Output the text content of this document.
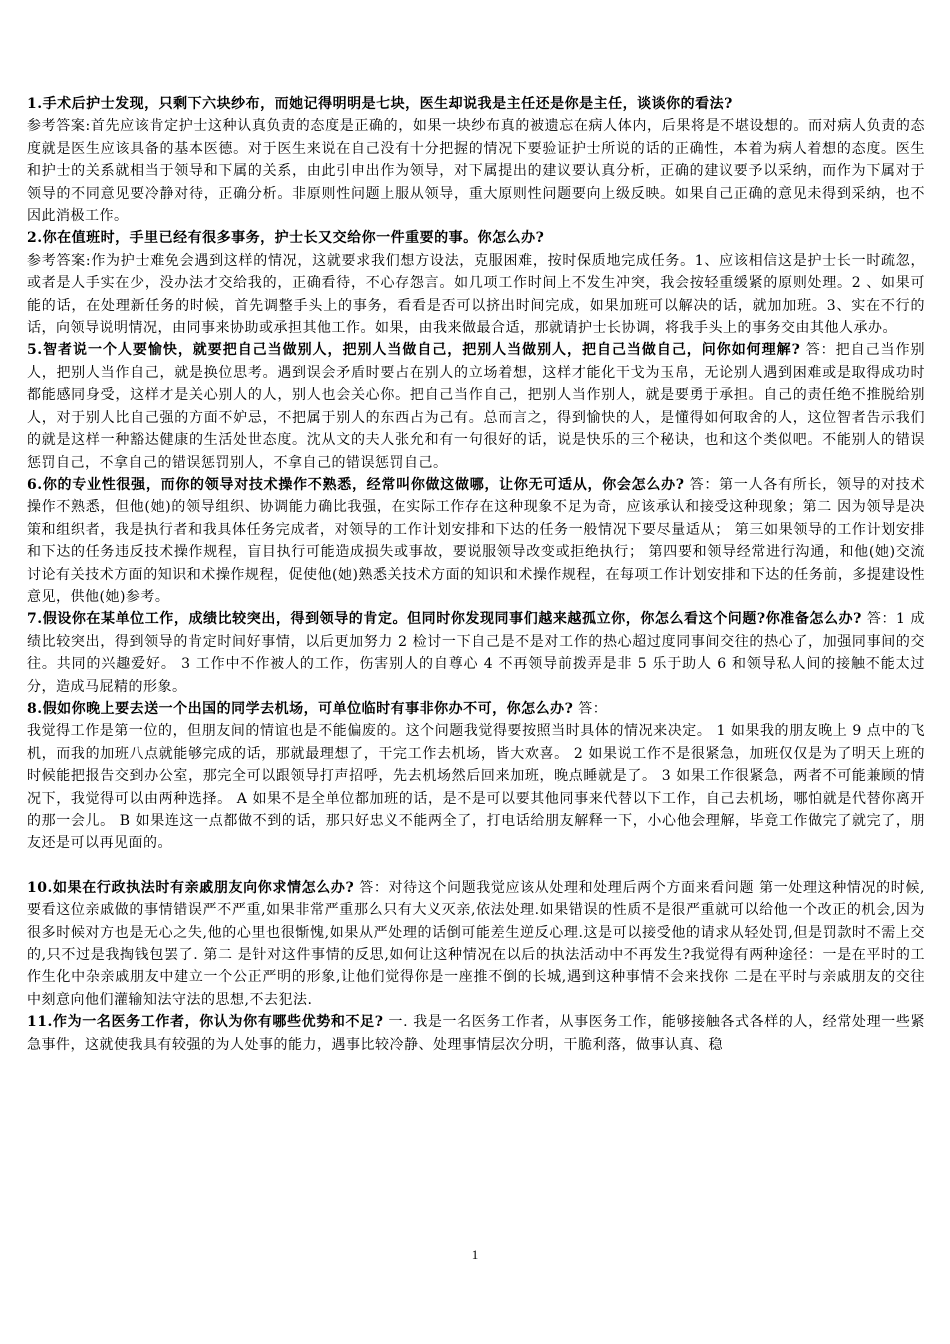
1.手术后护士发现，只剩下六块纱布，而她记得明明是七块，医生却说我是主任还是你是主任，谈谈你的看法?
参考答案:首先应该肯定护士这种认真负责的态度是正确的，如果一块纱布真的被遗忘在病人体内，后果将是不堪设想的。而对病人负责的态度就是医生应该具备的基本医德。对于医生来说在自己没有十分把握的情况下要验证护士所说的话的正确性，本着为病人着想的态度。医生和护士的关系就相当于领导和下属的关系，由此引申出作为领导，对下属提出的建议要认真分析，正确的建议要予以采纳，而作为下属对于领导的不同意见要冷静对待，正确分析。非原则性问题上服从领导，重大原则性问题要向上级反映。如果自己正确的意见未得到采纳，也不因此消极工作。

2.你在值班时，手里已经有很多事务，护士长又交给你一件重要的事。你怎么办?
参考答案:作为护士难免会遇到这样的情况，这就要求我们想方设法，克服困难，按时保质地完成任务。1、应该相信这是护士长一时疏忽，或者是人手实在少，没办法才交给我的，正确看待，不心存怨言。如几项工作时间上不发生冲突，我会按轻重缓紧的原则处理。2 、如果可能的话，在处理新任务的时候，首先调整手头上的事务，看看是否可以挤出时间完成，如果加班可以解决的话，就加加班。3、实在不行的话，向领导说明情况，由同事来协助或承担其他工作。如果，由我来做最合适，那就请护士长协调，将我手头上的事务交由其他人承办。

5.智者说一个人要愉快，就要把自己当做别人，把别人当做自己，把别人当做别人，把自己当做自己，问你如何理解? 答：把自己当作别人，把别人当作自己，就是换位思考。遇到误会矛盾时要占在别人的立场着想，这样才能化干戈为玉帛，无论别人遇到困难或是取得成功时都能感同身受，这样才是关心别人的人，别人也会关心你。把自己当作自己，把别人当作别人，就是要勇于承担。自己的责任绝不推脱给别人，对于别人比自己强的方面不妒忌，不把属于别人的东西占为己有。总而言之，得到愉快的人，是懂得如何取舍的人，这位智者告示我们的就是这样一种豁达健康的生活处世态度。沈从文的夫人张允和有一句很好的话，说是快乐的三个秘诀，也和这个类似吧。不能别人的错误惩罚自己，不拿自己的错误惩罚别人，不拿自己的错误惩罚自己。

6.你的专业性很强，而你的领导对技术操作不熟悉，经常叫你做这做哪，让你无可适从，你会怎么办? 答：第一人各有所长，领导的对技术操作不熟悉，但他(她)的领导组织、协调能力确比我强，在实际工作存在这种现象不足为奇，应该承认和接受这种现象；第二 因为领导是决策和组织者，我是执行者和我具体任务完成者，对领导的工作计划安排和下达的任务一般情况下要尽量适从； 第三如果领导的工作计划安排和下达的任务违反技术操作规程，盲目执行可能造成损失或事故，要说服领导改变或拒绝执行； 第四要和领导经常进行沟通，和他(她)交流讨论有关技术方面的知识和术操作规程，促使他(她)熟悉关技术方面的知识和术操作规程，在每项工作计划安排和下达的任务前，多提建设性意见，供他(她)参考。

7.假设你在某单位工作，成绩比较突出，得到领导的肯定。但同时你发现同事们越来越孤立你，你怎么看这个问题?你准备怎么办? 答：1 成绩比较突出，得到领导的肯定时间好事情，以后更加努力 2 检讨一下自己是不是对工作的热心超过度同事间交往的热心了，加强同事间的交往。共同的兴趣爱好。 3 工作中不作被人的工作，伤害别人的自尊心 4 不再领导前拨弄是非 5 乐于助人 6 和领导私人间的接触不能太过分，造成马屁精的形象。

8.假如你晚上要去送一个出国的同学去机场，可单位临时有事非你办不可，你怎么办? 答：
我觉得工作是第一位的，但朋友间的情谊也是不能偏废的。这个问题我觉得要按照当时具体的情况来决定。 1 如果我的朋友晚上 9 点中的飞机，而我的加班八点就能够完成的话，那就最理想了，干完工作去机场，皆大欢喜。 2 如果说工作不是很紧急，加班仅仅是为了明天上班的时候能把报告交到办公室，那完全可以跟领导打声招呼，先去机场然后回来加班，晚点睡就是了。 3 如果工作很紧急，两者不可能兼顾的情况下，我觉得可以由两种选择。 A 如果不是全单位都加班的话，是不是可以要其他同事来代替以下工作，自己去机场，哪怕就是代替你离开的那一会儿。 B 如果连这一点都做不到的话，那只好忠义不能两全了，打电话给朋友解释一下，小心他会理解，毕竟工作做完了就完了，朋友还是可以再见面的。

10.如果在行政执法时有亲戚朋友向你求情怎么办? 答：对待这个问题我觉应该从处理和处理后两个方面来看问题 第一处理这种情况的时候,要看这位亲戚做的事情错误严不严重,如果非常严重那么只有大义灭亲,依法处理.如果错误的性质不是很严重就可以给他一个改正的机会,因为很多时候对方也是无心之失,他的心里也很惭愧,如果从严处理的话倒可能差生逆反心理.这是可以接受他的请求从轻处罚,但是罚款时不需上交的,只不过是我掏钱包罢了. 第二 是针对这件事情的反思,如何让这种情况在以后的执法活动中不再发生?我觉得有两种途径：一是在平时的工作生化中杂亲戚朋友中建立一个公正严明的形象,让他们觉得你是一座推不倒的长城,遇到这种事情不会来找你 二是在平时与亲戚朋友的交往中刻意向他们灌输知法守法的思想,不去犯法.

11.作为一名医务工作者，你认为你有哪些优势和不足? 一. 我是一名医务工作者，从事医务工作，能够接触各式各样的人，经常处理一些紧急事件，这就使我具有较强的为人处事的能力，遇事比较冷静、处理事情层次分明，干脆利落，做事认真、稳

1
